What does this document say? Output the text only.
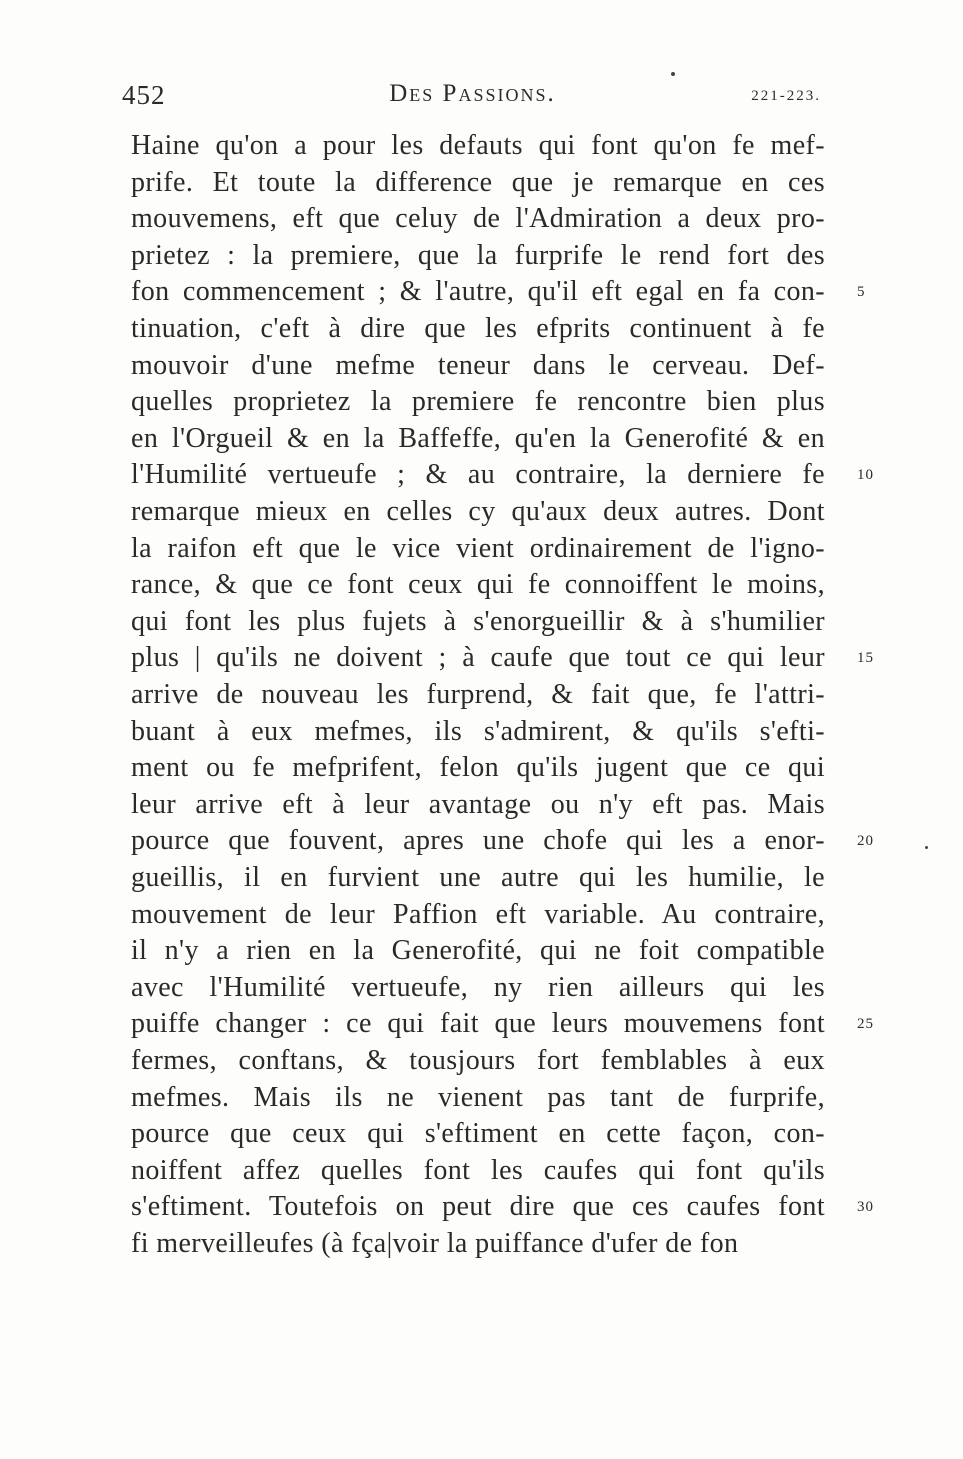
452	Des Passions.	221-223.
Haine qu'on a pour les defauts qui font qu'on fe mef-
prife. Et toute la difference que je remarque en ces
mouvemens, eft que celuy de l'Admiration a deux pro-
prietez : la premiere, que la furprife le rend fort des
fon commencement ; & l'autre, qu'il eft egal en fa con-
tinuation, c'eft à dire que les efprits continuent à fe
mouvoir d'une mefme teneur dans le cerveau. Def-
quelles proprietez la premiere fe rencontre bien plus
en l'Orgueil & en la Baffeffe, qu'en la Generofité & en
l'Humilité vertueufe ; & au contraire, la derniere fe
remarque mieux en celles cy qu'aux deux autres. Dont
la raifon eft que le vice vient ordinairement de l'igno-
rance, & que ce font ceux qui fe connoiffent le moins,
qui font les plus fujets à s'enorgueillir & à s'humilier
plus | qu'ils ne doivent ; à caufe que tout ce qui leur
arrive de nouveau les furprend, & fait que, fe l'attri-
buant à eux mefmes, ils s'admirent, & qu'ils s'efti-
ment ou fe mefprifent, felon qu'ils jugent que ce qui
leur arrive eft à leur avantage ou n'y eft pas. Mais
pource que fouvent, apres une chofe qui les a enor-
gueillis, il en furvient une autre qui les humilie, le
mouvement de leur Paffion eft variable. Au contraire,
il n'y a rien en la Generofité, qui ne foit compatible
avec l'Humilité vertueufe, ny rien ailleurs qui les
puiffe changer : ce qui fait que leurs mouvemens font
fermes, conftans, & tousjours fort femblables à eux
mefmes. Mais ils ne vienent pas tant de furprife,
pource que ceux qui s'eftiment en cette façon, con-
noiffent affez quelles font les caufes qui font qu'ils
s'eftiment. Toutefois on peut dire que ces caufes font
fi merveilleufes (à fça|voir la puiffance d'ufer de fon
5
10
15
20
25
30
